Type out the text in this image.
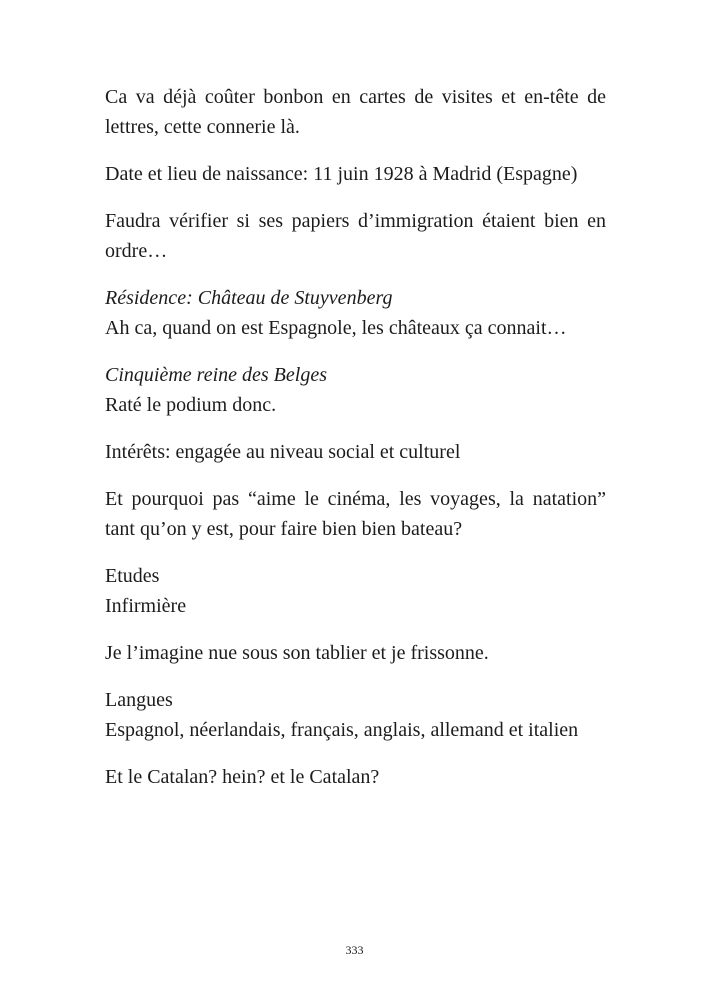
Ca va déjà coûter bonbon en cartes de visites et en-tête de lettres, cette connerie là.

Date et lieu de naissance: 11 juin 1928 à Madrid (Espagne)

Faudra vérifier si ses papiers d’immigration étaient bien en ordre…

Résidence: Château de Stuyvenberg
Ah ca, quand on est Espagnole, les châteaux ça connait…

Cinquième reine des Belges
Raté le podium donc.

Intérêts: engagée au niveau social et culturel

Et pourquoi pas “aime le cinéma, les voyages, la natation” tant qu’on y est, pour faire bien bien bateau?

Etudes
Infirmière

Je l’imagine nue sous son tablier et je frissonne.

Langues
Espagnol, néerlandais, français, anglais, allemand et italien

Et le Catalan? hein? et le Catalan?

333
